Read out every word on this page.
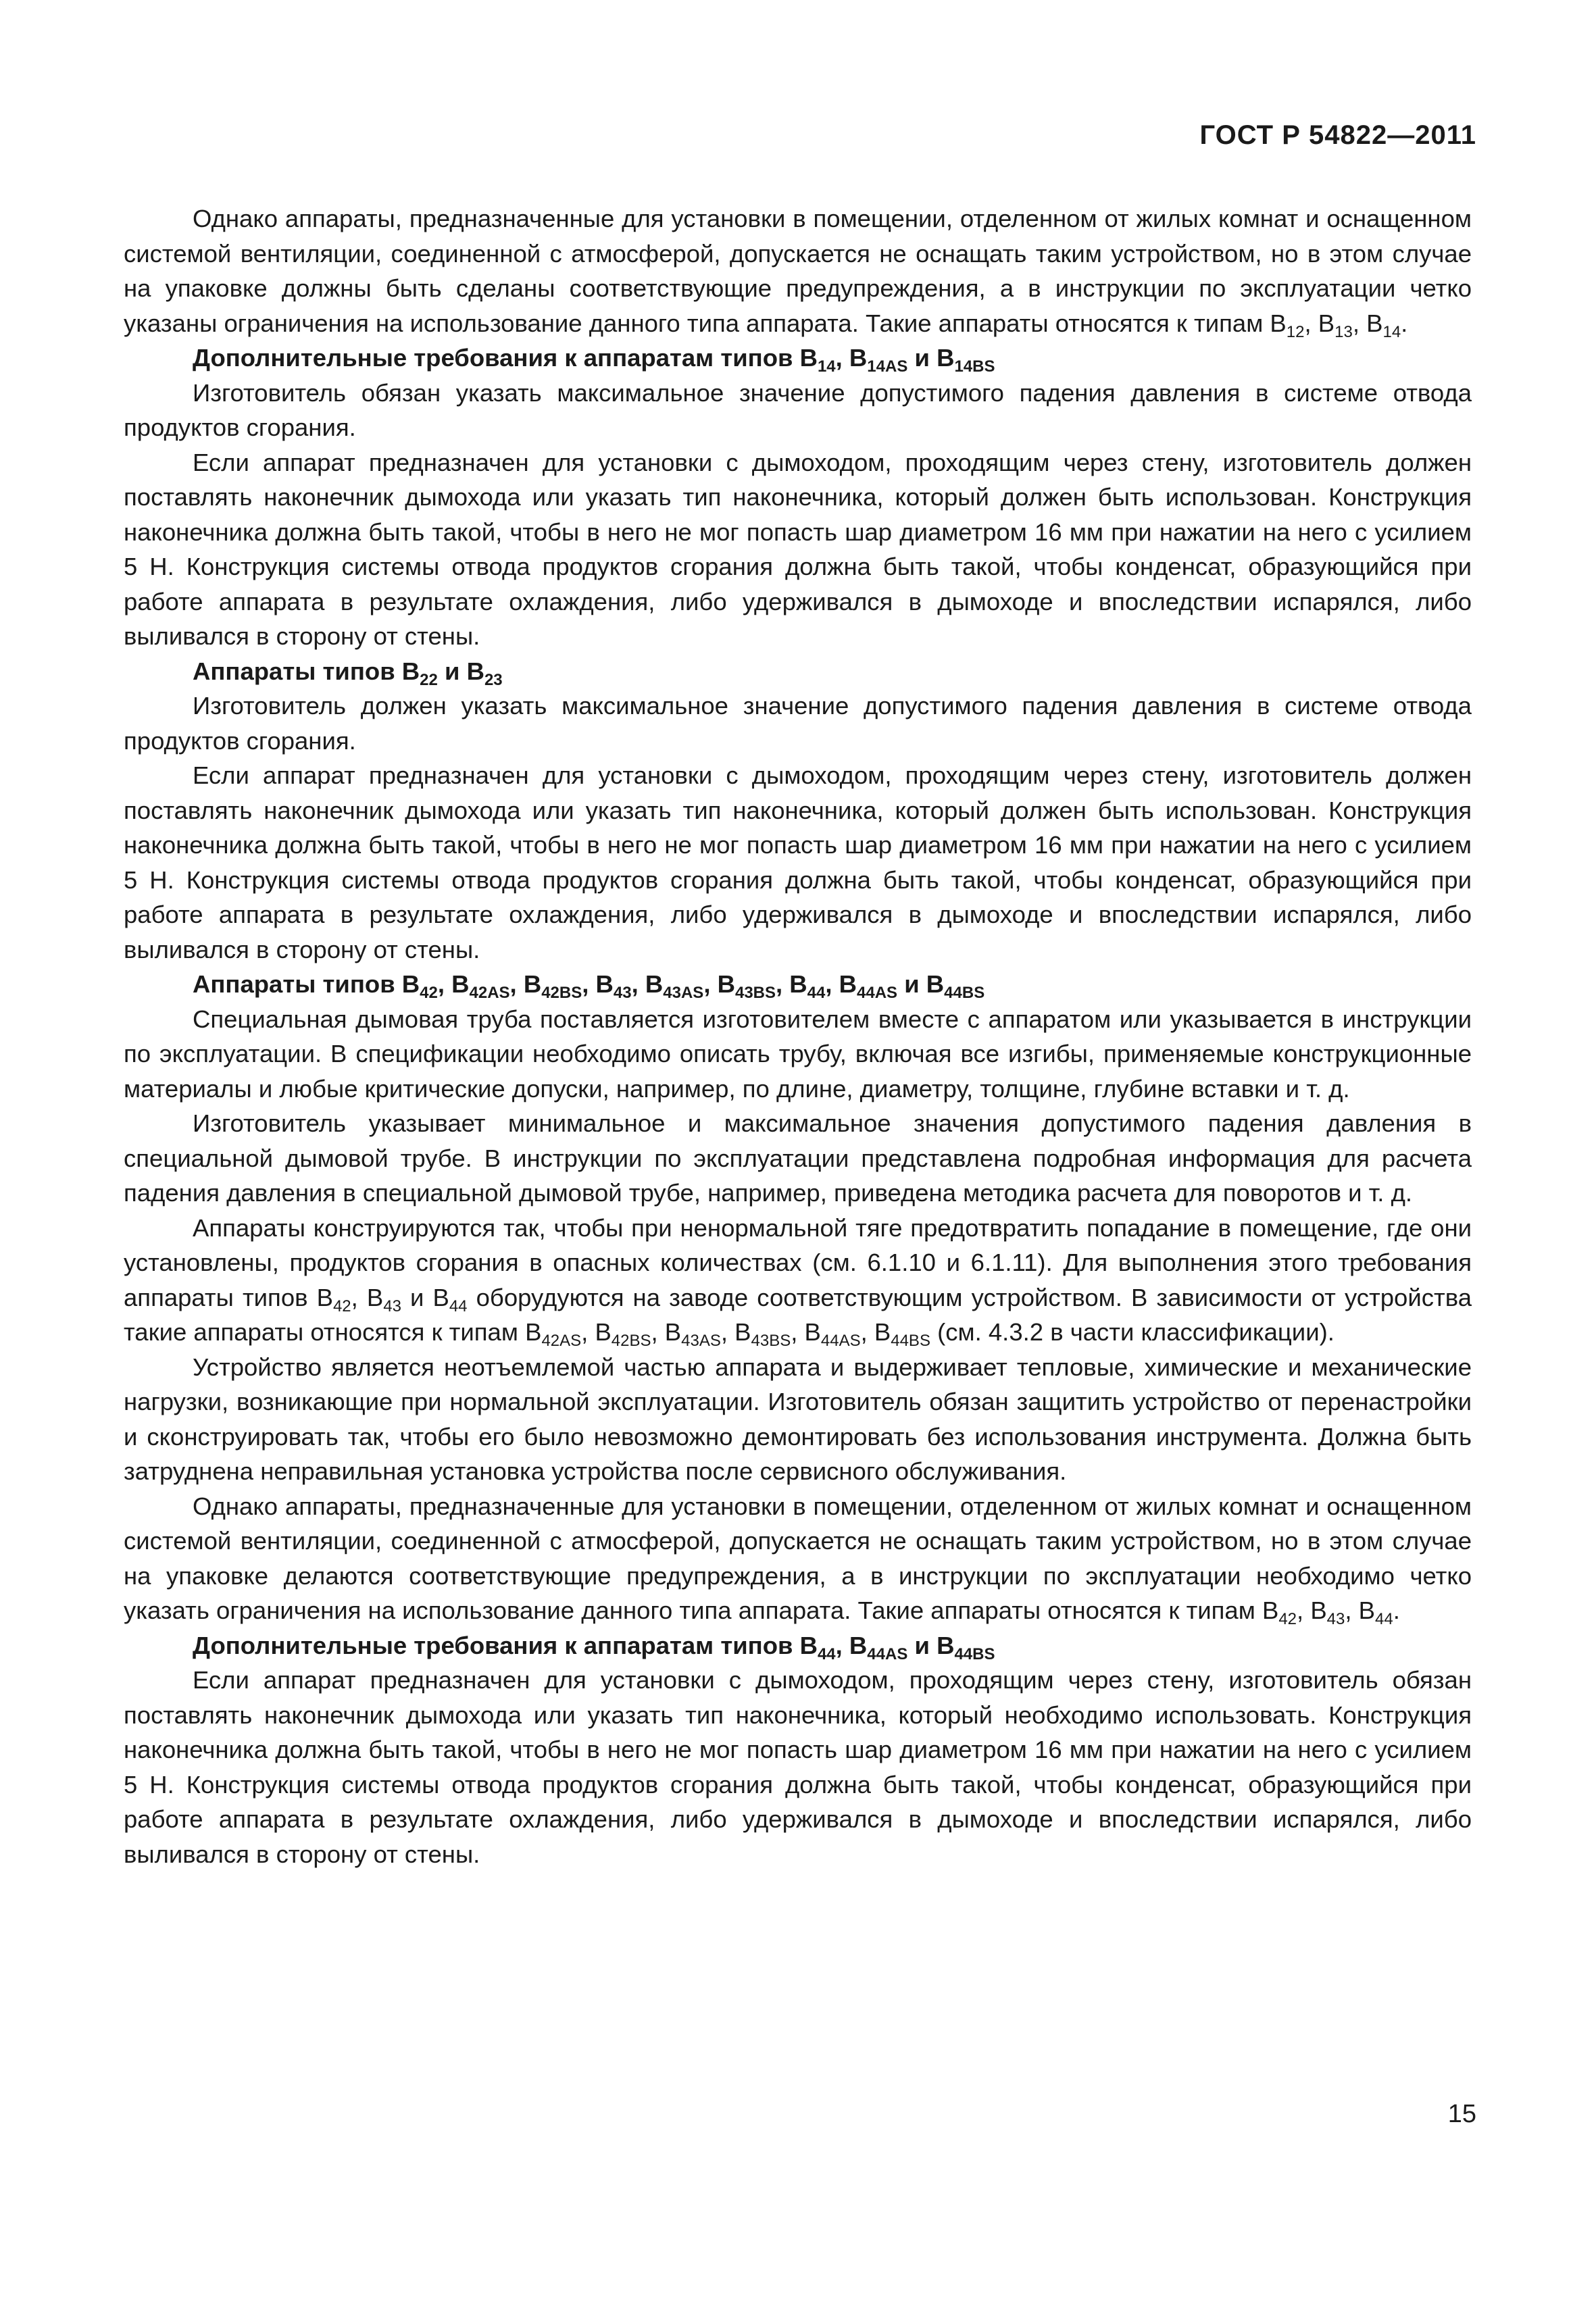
ГОСТ Р 54822—2011

Однако аппараты, предназначенные для установки в помещении, отделенном от жилых комнат и оснащенном системой вентиляции, соединенной с атмосферой, допускается не оснащать таким устройством, но в этом случае на упаковке должны быть сделаны соответствующие предупреждения, а в инструкции по эксплуатации четко указаны ограничения на использование данного типа аппарата. Такие аппараты относятся к типам $В_{12}$, $В_{13}$, $В_{14}$.

Дополнительные требования к аппаратам типов $В_{14}$, $В_{14AS}$ и $В_{14BS}$

Изготовитель обязан указать максимальное значение допустимого падения давления в системе отвода продуктов сгорания.

Если аппарат предназначен для установки с дымоходом, проходящим через стену, изготовитель должен поставлять наконечник дымохода или указать тип наконечника, который должен быть использован. Конструкция наконечника должна быть такой, чтобы в него не мог попасть шар диаметром 16 мм при нажатии на него с усилием 5 Н. Конструкция системы отвода продуктов сгорания должна быть такой, чтобы конденсат, образующийся при работе аппарата в результате охлаждения, либо удерживался в дымоходе и впоследствии испарялся, либо выливался в сторону от стены.

Аппараты типов $В_{22}$ и $В_{23}$

Изготовитель должен указать максимальное значение допустимого падения давления в системе отвода продуктов сгорания.

Если аппарат предназначен для установки с дымоходом, проходящим через стену, изготовитель должен поставлять наконечник дымохода или указать тип наконечника, который должен быть использован. Конструкция наконечника должна быть такой, чтобы в него не мог попасть шар диаметром 16 мм при нажатии на него с усилием 5 Н. Конструкция системы отвода продуктов сгорания должна быть такой, чтобы конденсат, образующийся при работе аппарата в результате охлаждения, либо удерживался в дымоходе и впоследствии испарялся, либо выливался в сторону от стены.

Аппараты типов $В_{42}$, $В_{42AS}$, $В_{42BS}$, $В_{43}$, $В_{43AS}$, $В_{43BS}$, $В_{44}$, $В_{44AS}$ и $В_{44BS}$

Специальная дымовая труба поставляется изготовителем вместе с аппаратом или указывается в инструкции по эксплуатации. В спецификации необходимо описать трубу, включая все изгибы, применяемые конструкционные материалы и любые критические допуски, например, по длине, диаметру, толщине, глубине вставки и т. д.

Изготовитель указывает минимальное и максимальное значения допустимого падения давления в специальной дымовой трубе. В инструкции по эксплуатации представлена подробная информация для расчета падения давления в специальной дымовой трубе, например, приведена методика расчета для поворотов и т. д.

Аппараты конструируются так, чтобы при ненормальной тяге предотвратить попадание в помещение, где они установлены, продуктов сгорания в опасных количествах (см. 6.1.10 и 6.1.11). Для выполнения этого требования аппараты типов $В_{42}$, $В_{43}$ и $В_{44}$ оборудуются на заводе соответствующим устройством. В зависимости от устройства такие аппараты относятся к типам $В_{42AS}$, $В_{42BS}$, $В_{43AS}$, $В_{43BS}$, $В_{44AS}$, $В_{44BS}$ (см. 4.3.2 в части классификации).

Устройство является неотъемлемой частью аппарата и выдерживает тепловые, химические и механические нагрузки, возникающие при нормальной эксплуатации. Изготовитель обязан защитить устройство от перенастройки и сконструировать так, чтобы его было невозможно демонтировать без использования инструмента. Должна быть затруднена неправильная установка устройства после сервисного обслуживания.

Однако аппараты, предназначенные для установки в помещении, отделенном от жилых комнат и оснащенном системой вентиляции, соединенной с атмосферой, допускается не оснащать таким устройством, но в этом случае на упаковке делаются соответствующие предупреждения, а в инструкции по эксплуатации необходимо четко указать ограничения на использование данного типа аппарата. Такие аппараты относятся к типам $В_{42}$, $В_{43}$, $В_{44}$.

Дополнительные требования к аппаратам типов $В_{44}$, $В_{44AS}$ и $В_{44BS}$

Если аппарат предназначен для установки с дымоходом, проходящим через стену, изготовитель обязан поставлять наконечник дымохода или указать тип наконечника, который необходимо использовать. Конструкция наконечника должна быть такой, чтобы в него не мог попасть шар диаметром 16 мм при нажатии на него с усилием 5 Н. Конструкция системы отвода продуктов сгорания должна быть такой, чтобы конденсат, образующийся при работе аппарата в результате охлаждения, либо удерживался в дымоходе и впоследствии испарялся, либо выливался в сторону от стены.

15
